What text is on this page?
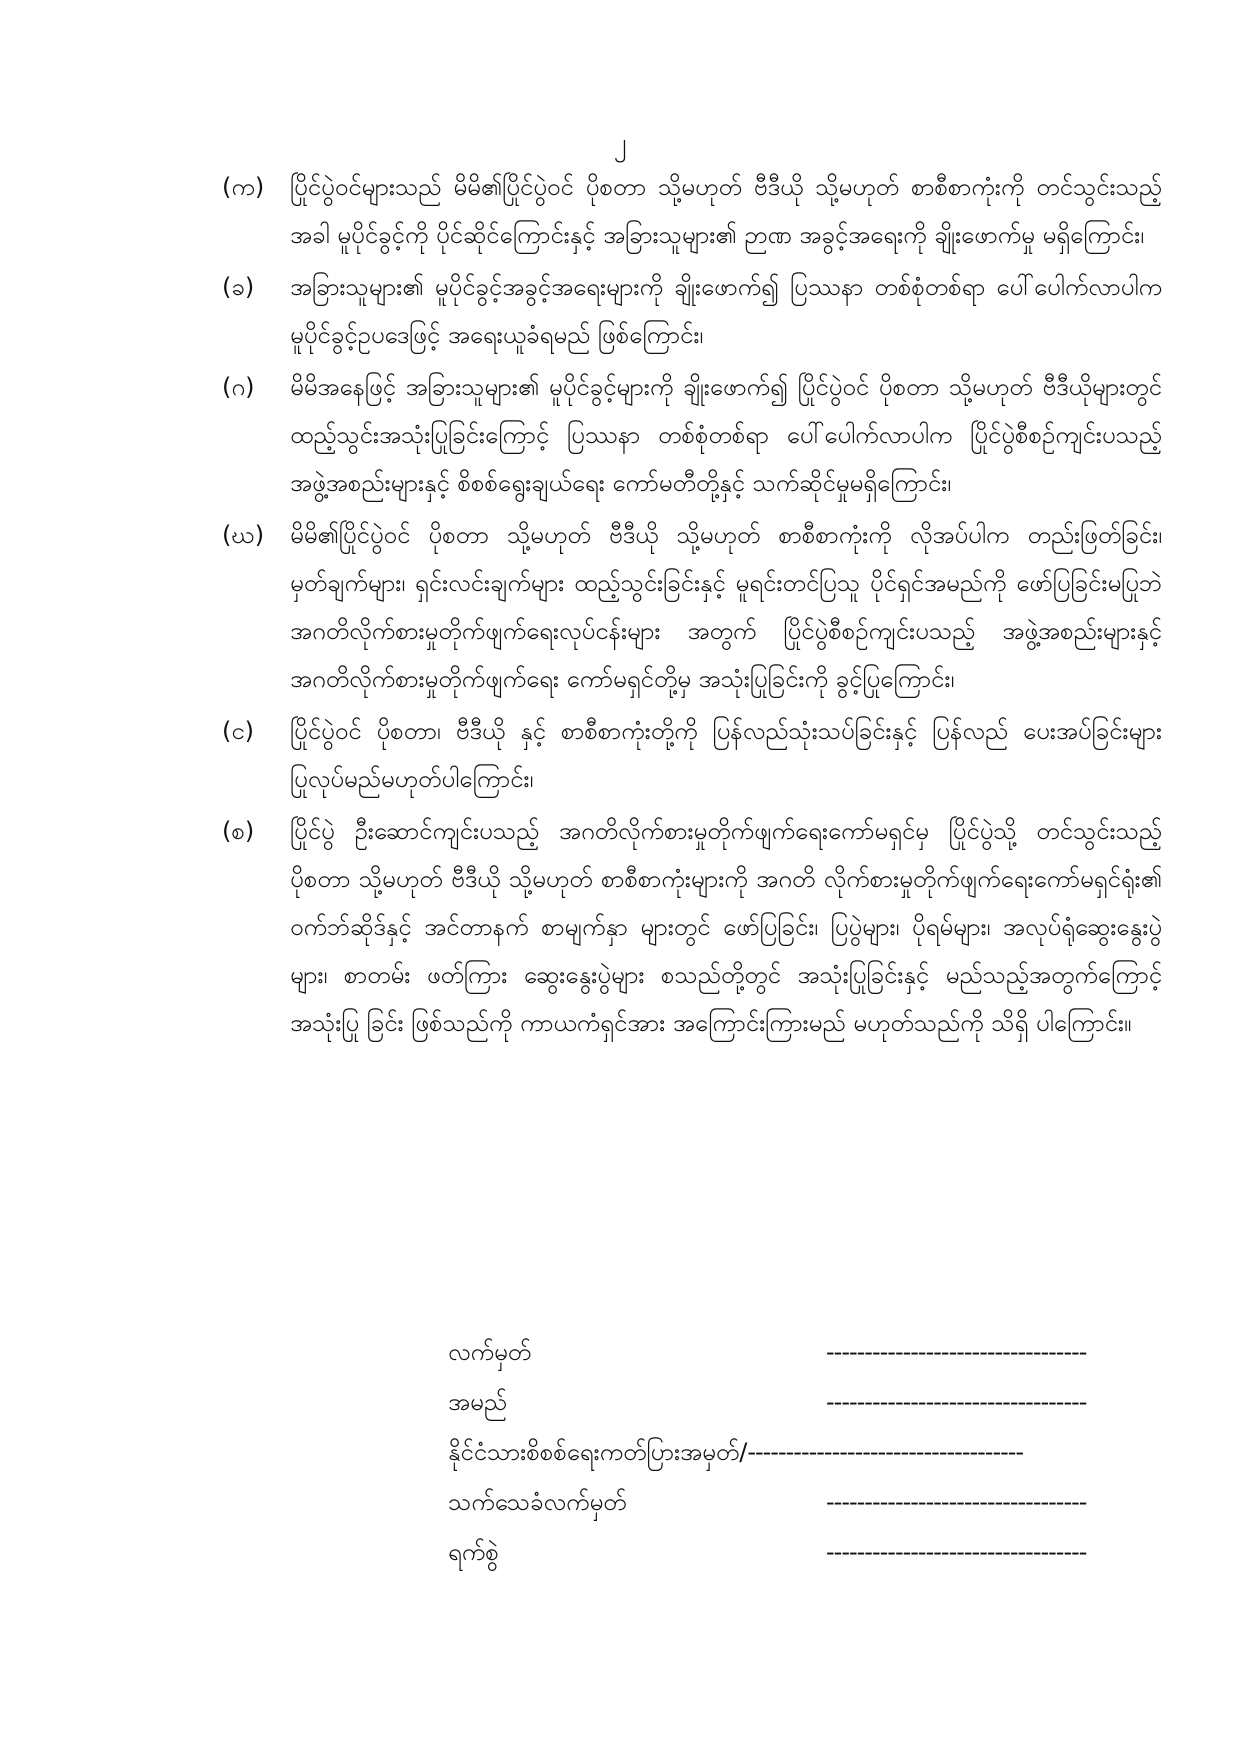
၂
(က)	ပြိုင်ပွဲဝင်များသည် မိမိ၏ပြိုင်ပွဲဝင် ပိုစတာ သို့မဟုတ် ဗီဒီယို သို့မဟုတ် စာစီစာကုံးကို တင်သွင်းသည့်အခါ မူပိုင်ခွင့်ကို ပိုင်ဆိုင်ကြောင်းနှင့် အခြားသူများ၏ ဉာဏ အခွင့်အရေးကို ချိုးဖောက်မှု မရှိကြောင်း၊
(ခ)	အခြားသူများ၏ မူပိုင်ခွင့်အခွင့်အရေးများကို ချိုးဖောက်၍ ပြဿနာ တစ်စုံတစ်ရာ ပေါ်ပေါက်လာပါက မူပိုင်ခွင့်ဥပဒေဖြင့် အရေးယူခံရမည် ဖြစ်ကြောင်း၊
(ဂ)	မိမိအနေဖြင့် အခြားသူများ၏ မူပိုင်ခွင့်များကို ချိုးဖောက်၍ ပြိုင်ပွဲဝင် ပိုစတာ သို့မဟုတ် ဗီဒီယိုများတွင် ထည့်သွင်းအသုံးပြုခြင်းကြောင့် ပြဿနာ တစ်စုံတစ်ရာ ပေါ်ပေါက်လာပါက ပြိုင်ပွဲစီစဉ်ကျင်းပသည့် အဖွဲ့အစည်းများနှင့် စိစစ်ရွေးချယ်ရေး ကော်မတီတို့နှင့် သက်ဆိုင်မှုမရှိကြောင်း၊
(ဃ)	မိမိ၏ပြိုင်ပွဲဝင် ပိုစတာ သို့မဟုတ် ဗီဒီယို သို့မဟုတ် စာစီစာကုံးကို လိုအပ်ပါက တည်းဖြတ်ခြင်း၊ မှတ်ချက်များ၊ ရှင်းလင်းချက်များ ထည့်သွင်းခြင်းနှင့် မူရင်းတင်ပြသူ ပိုင်ရှင်အမည်ကို ဖော်ပြခြင်းမပြုဘဲ အဂတိလိုက်စားမှုတိုက်ဖျက်ရေးလုပ်ငန်းများ အတွက် ပြိုင်ပွဲစီစဉ်ကျင်းပသည့် အဖွဲ့အစည်းများနှင့် အဂတိလိုက်စားမှုတိုက်ဖျက်ရေး ကော်မရှင်တို့မှ အသုံးပြုခြင်းကို ခွင့်ပြုကြောင်း၊
(င)	ပြိုင်ပွဲဝင် ပိုစတာ၊ ဗီဒီယို နှင့် စာစီစာကုံးတို့ကို ပြန်လည်သုံးသပ်ခြင်းနှင့် ပြန်လည် ပေးအပ်ခြင်းများ ပြုလုပ်မည်မဟုတ်ပါကြောင်း၊
(စ)	ပြိုင်ပွဲ ဦးဆောင်ကျင်းပသည့် အဂတိလိုက်စားမှုတိုက်ဖျက်ရေးကော်မရှင်မှ ပြိုင်ပွဲသို့ တင်သွင်းသည့်ပိုစတာ သို့မဟုတ် ဗီဒီယို သို့မဟုတ် စာစီစာကုံးများကို အဂတိ လိုက်စားမှုတိုက်ဖျက်ရေးကော်မရှင်ရုံး၏ ဝက်ဘ်ဆိုဒ်နှင့် အင်တာနက် စာမျက်နှာ များတွင် ဖော်ပြခြင်း၊ ပြပွဲများ၊ ပိုရမ်များ၊ အလုပ်ရုံဆွေးနွေးပွဲများ၊ စာတမ်း ဖတ်ကြား ဆွေးနွေးပွဲများ စသည်တို့တွင် အသုံးပြုခြင်းနှင့် မည်သည့်အတွက်ကြောင့် အသုံးပြု ခြင်း ဖြစ်သည်ကို ကာယကံရှင်အား အကြောင်းကြားမည် မဟုတ်သည်ကို သိရှိ ပါကြောင်း။
လက်မှတ်	----------------------------------
အမည်	----------------------------------
နိုင်ငံသားစိစစ်ရေးကတ်ပြားအမှတ်/------------------------------------
သက်သေခံလက်မှတ်	----------------------------------
ရက်စွဲ	----------------------------------
